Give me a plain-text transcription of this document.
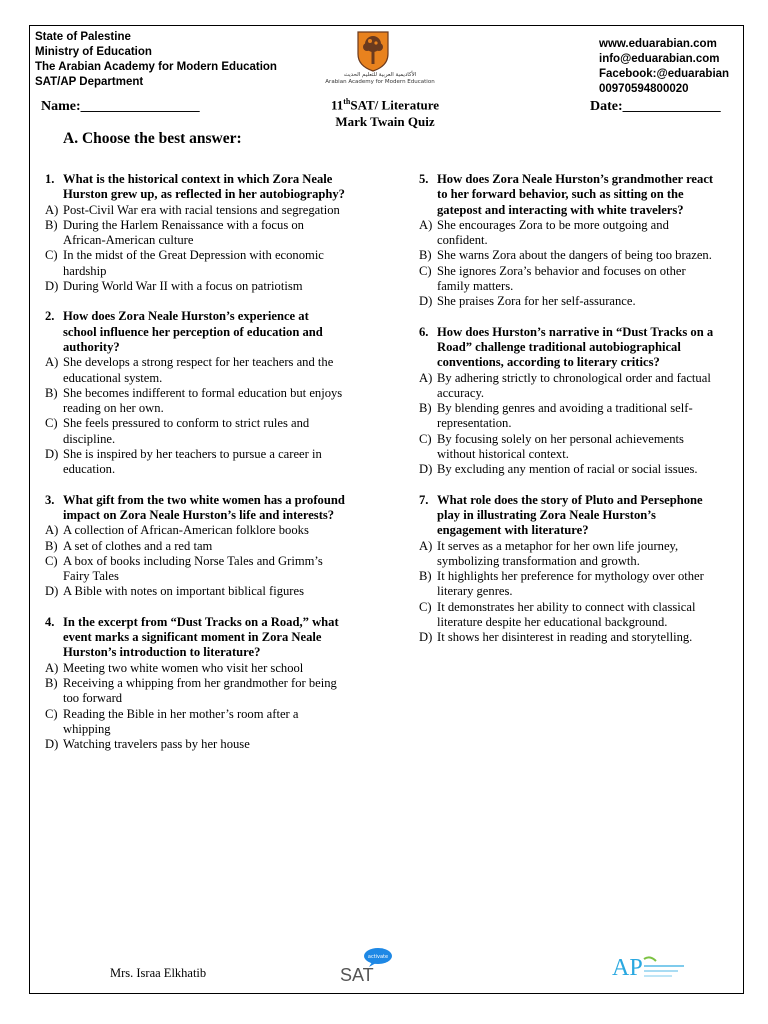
State of Palestine
Ministry of Education
The Arabian Academy for Modern Education
SAT/AP Department
الأكاديمية العربية للتعليم الحديث
Arabian Academy for Modern Education
www.eduarabian.com
info@eduarabian.com
Facebook:@eduarabian
00970594800020
Name:_________________	11thSAT/ Literature
Mark Twain Quiz
Date:______________
A. Choose the best answer:
1. What is the historical context in which Zora Neale Hurston grew up, as reflected in her autobiography?
A) Post-Civil War era with racial tensions and segregation
B) During the Harlem Renaissance with a focus on African-American culture
C) In the midst of the Great Depression with economic hardship
D) During World War II with a focus on patriotism
2. How does Zora Neale Hurston’s experience at school influence her perception of education and authority?
A) She develops a strong respect for her teachers and the educational system.
B) She becomes indifferent to formal education but enjoys reading on her own.
C) She feels pressured to conform to strict rules and discipline.
D) She is inspired by her teachers to pursue a career in education.
3. What gift from the two white women has a profound impact on Zora Neale Hurston’s life and interests?
A) A collection of African-American folklore books
B) A set of clothes and a red tam
C) A box of books including Norse Tales and Grimm’s Fairy Tales
D) A Bible with notes on important biblical figures
4. In the excerpt from “Dust Tracks on a Road,” what event marks a significant moment in Zora Neale Hurston’s introduction to literature?
A) Meeting two white women who visit her school
B) Receiving a whipping from her grandmother for being too forward
C) Reading the Bible in her mother’s room after a whipping
D) Watching travelers pass by her house
5. How does Zora Neale Hurston’s grandmother react to her forward behavior, such as sitting on the gatepost and interacting with white travelers?
A) She encourages Zora to be more outgoing and confident.
B) She warns Zora about the dangers of being too brazen.
C) She ignores Zora’s behavior and focuses on other family matters.
D) She praises Zora for her self-assurance.
6. How does Hurston’s narrative in “Dust Tracks on a Road” challenge traditional autobiographical conventions, according to literary critics?
A) By adhering strictly to chronological order and factual accuracy.
B) By blending genres and avoiding a traditional self-representation.
C) By focusing solely on her personal achievements without historical context.
D) By excluding any mention of racial or social issues.
7. What role does the story of Pluto and Persephone play in illustrating Zora Neale Hurston’s engagement with literature?
A) It serves as a metaphor for her own life journey, symbolizing transformation and growth.
B) It highlights her preference for mythology over other literary genres.
C) It demonstrates her ability to connect with classical literature despite her educational background.
D) It shows her disinterest in reading and storytelling.
Mrs. Israa Elkhatib
activate
SAT	AP
